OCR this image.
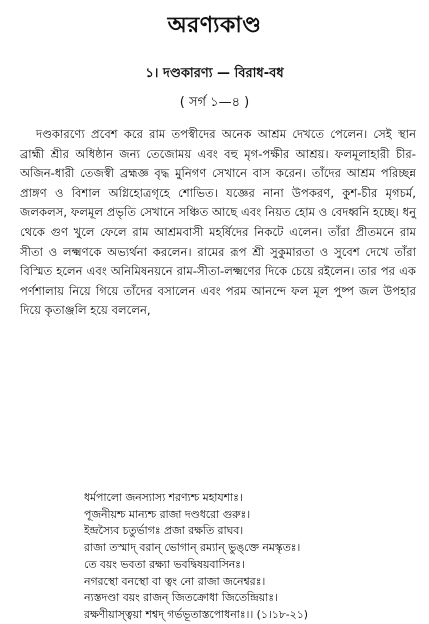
অরণ্যকাণ্ড
১। দণ্ডকারণ্য — বিরাধ-বধ
( সর্গ ১—৪ )

দণ্ডকারণ্যে প্রবেশ করে রাম তপস্বীদের অনেক আশ্রম দেখতে পেলেন। সেই স্থান ব্রাহ্মী শ্রীর অধিষ্ঠান জন্য তেজোময় এবং বহু মৃগ-পক্ষীর আশ্রয়। ফলমূলাহারী চীর-অজিন-ধারী তেজস্বী ব্রহ্মজ্ঞ বৃদ্ধ মুনিগণ সেখানে বাস করেন। তাঁদের আশ্রম পরিচ্ছন্ন প্রাঙ্গণ ও বিশাল অগ্নিহোত্রগৃহে শোভিত। যজ্ঞের নানা উপকরণ, কুশ-চীর মৃগচর্ম, জলকলস, ফলমূল প্রভৃতি সেখানে সঞ্চিত আছে এবং নিয়ত হোম ও বেদধ্বনি হচ্ছে। ধনু থেকে গুণ খুলে ফেলে রাম আশ্রমবাসী মহর্ষিদের নিকটে এলেন। তাঁরা প্রীতমনে রাম সীতা ও লক্ষ্মণকে অভ্যর্থনা করলেন। রামের রূপ শ্রী সুকুমারতা ও সুবেশ দেখে তাঁরা বিস্মিত হলেন এবং অনিমিষনয়নে রাম-সীতা-লক্ষ্মণের দিকে চেয়ে রইলেন। তার পর এক পর্ণশালায় নিয়ে গিয়ে তাঁদের বসালেন এবং পরম আনন্দে ফল মূল পুষ্প জল উপহার দিয়ে কৃতাঞ্জলি হয়ে বললেন,

ধর্মপালো জনস্যাস্য শরণ্যশ্চ মহাযশাঃ।
পূজনীয়শ্চ মান্যশ্চ রাজা দণ্ডধরো গুরুঃ।
ইন্দ্রস্যৈব চতুর্ভাগঃ প্রজা রক্ষতি রাঘব।
রাজা তস্মাদ্ বরান্ ভোগান্ রম্যান্ ভুঙ্‌ক্তে নমস্কৃতঃ।
তে বয়ং ভবতা রক্ষ্যা ভবদ্বিষয়বাসিনঃ।
নগরস্থো বনস্থো বা ত্বং নো রাজা জনেশ্বরঃ।
ন্যস্তদণ্ডা বয়ং রাজন্ জিতক্রোধা জিতেন্দ্রিয়াঃ।
রক্ষণীয়াস্ত্বয়া শশ্বদ্ গর্ভভূতাস্তপোধনাঃ।। (১।১৮-২১)
